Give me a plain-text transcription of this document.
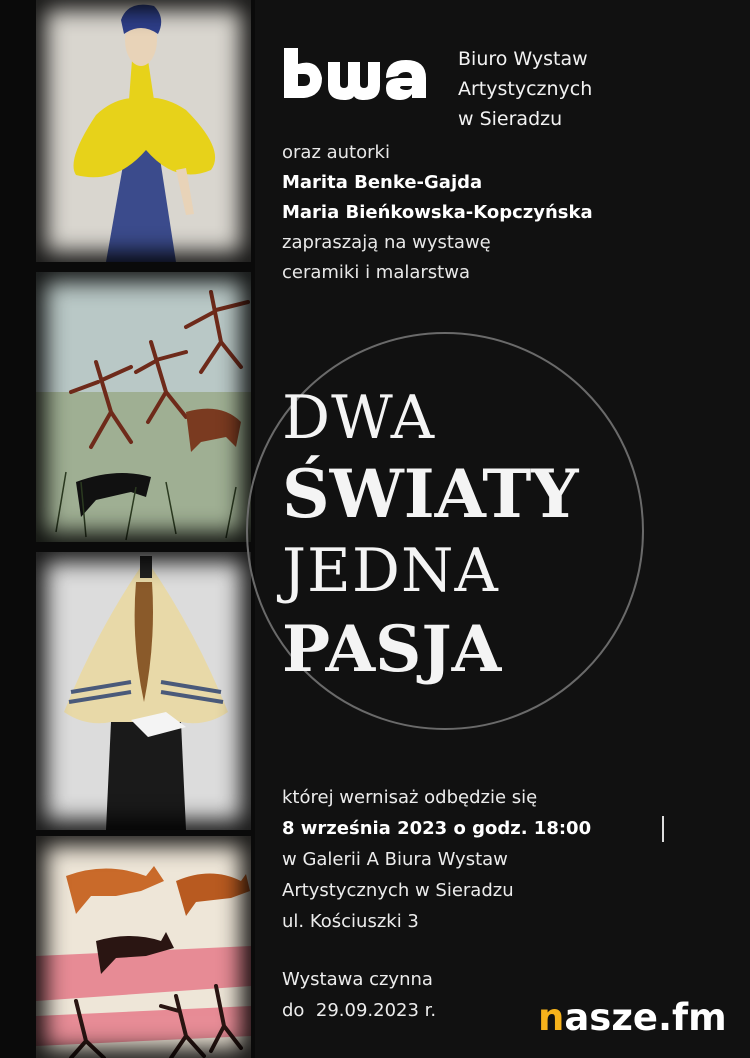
Biuro Wystaw
Artystycznych
w Sieradzu
oraz autorki
Marita Benke-Gajda
Maria Bieńkowska-Kopczyńska
zapraszają na wystawę
ceramiki i malarstwa
DWA
ŚWIATY
JEDNA
PASJA
której wernisaż odbędzie się
8 września 2023 o godz. 18:00
w Galerii A Biura Wystaw
Artystycznych w Sieradzu
ul. Kościuszki 3
Wystawa czynna
do  29.09.2023 r.	nasze.fm
